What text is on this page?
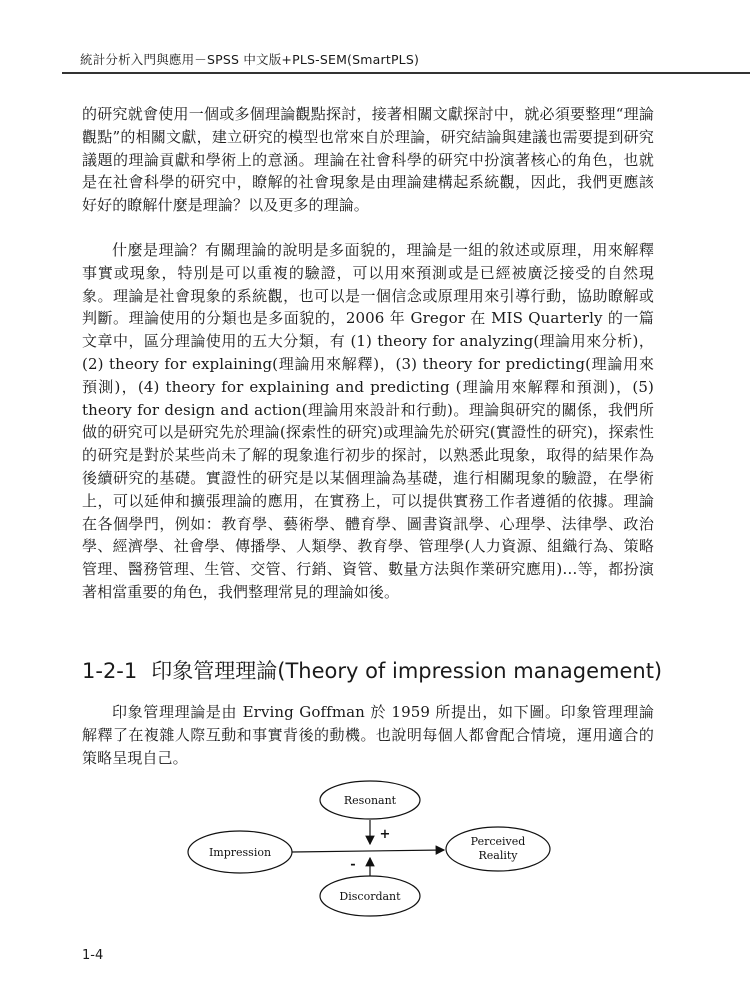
統計分析入門與應用－SPSS 中文版+PLS-SEM(SmartPLS)

的研究就會使用一個或多個理論觀點探討，接著相關文獻探討中，就必須要整理“理論觀點”的相關文獻，建立研究的模型也常來自於理論，研究結論與建議也需要提到研究議題的理論貢獻和學術上的意涵。理論在社會科學的研究中扮演著核心的角色，也就是在社會科學的研究中，瞭解的社會現象是由理論建構起系統觀，因此，我們更應該好好的瞭解什麼是理論？以及更多的理論。

什麼是理論？有關理論的說明是多面貌的，理論是一組的敘述或原理，用來解釋事實或現象，特別是可以重複的驗證，可以用來預測或是已經被廣泛接受的自然現象。理論是社會現象的系統觀，也可以是一個信念或原理用來引導行動，協助瞭解或判斷。理論使用的分類也是多面貌的，2006 年 Gregor 在 MIS Quarterly 的一篇文章中，區分理論使用的五大分類，有 (1) theory for analyzing(理論用來分析)，(2) theory for explaining(理論用來解釋)，(3) theory for predicting(理論用來預測)，(4) theory for explaining and predicting (理論用來解釋和預測)，(5) theory for design and action(理論用來設計和行動)。理論與研究的關係，我們所做的研究可以是研究先於理論(探索性的研究)或理論先於研究(實證性的研究)，探索性的研究是對於某些尚未了解的現象進行初步的探討，以熟悉此現象，取得的結果作為後續研究的基礎。實證性的研究是以某個理論為基礎，進行相關現象的驗證，在學術上，可以延伸和擴張理論的應用，在實務上，可以提供實務工作者遵循的依據。理論在各個學門，例如：教育學、藝術學、體育學、圖書資訊學、心理學、法律學、政治學、經濟學、社會學、傳播學、人類學、教育學、管理學(人力資源、組織行為、策略管理、醫務管理、生管、交管、行銷、資管、數量方法與作業研究應用)…等，都扮演著相當重要的角色，我們整理常見的理論如後。

1-2-1 印象管理理論(Theory of impression management)

印象管理理論是由 Erving Goffman 於 1959 所提出，如下圖。印象管理理論解釋了在複雜人際互動和事實背後的動機。也說明每個人都會配合情境，運用適合的策略呈現自己。

Resonant
Impression
Perceived
Reality
Discordant
+
-
1-4
